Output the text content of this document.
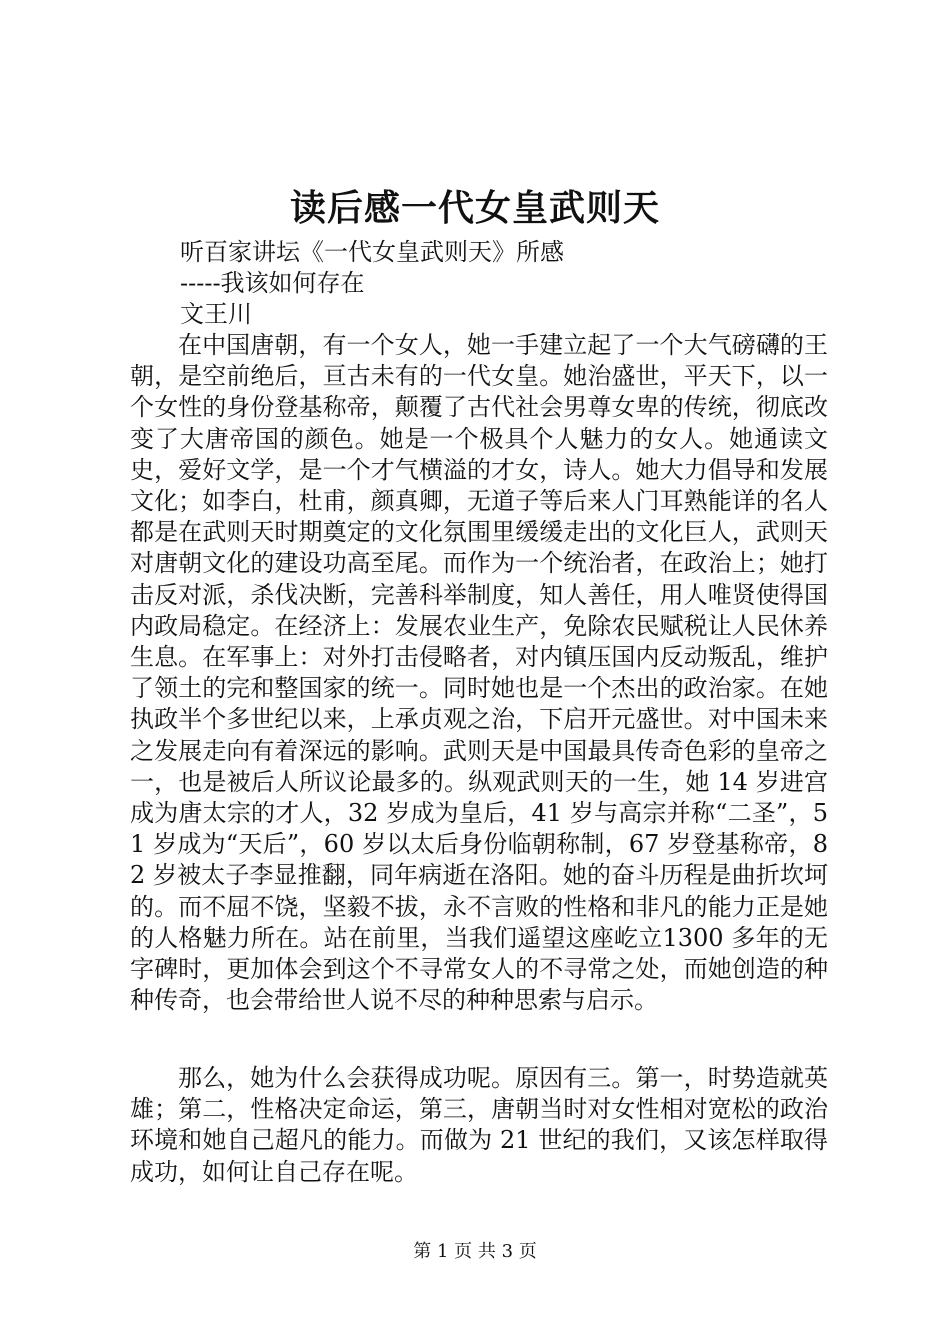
读后感一代女皇武则天
听百家讲坛《一代女皇武则天》所感
-----我该如何存在
文王川

在中国唐朝，有一个女人，她一手建立起了一个大气磅礴的王朝，是空前绝后，亘古未有的一代女皇。她治盛世，平天下，以一个女性的身份登基称帝，颠覆了古代社会男尊女卑的传统，彻底改变了大唐帝国的颜色。她是一个极具个人魅力的女人。她通读文史，爱好文学，是一个才气横溢的才女，诗人。她大力倡导和发展文化；如李白，杜甫，颜真卿，无道子等后来人门耳熟能详的名人都是在武则天时期奠定的文化氛围里缓缓走出的文化巨人，武则天对唐朝文化的建设功高至尾。而作为一个统治者，在政治上；她打击反对派，杀伐决断，完善科举制度，知人善任，用人唯贤使得国内政局稳定。在经济上：发展农业生产，免除农民赋税让人民休养生息。在军事上：对外打击侵略者，对内镇压国内反动叛乱，维护了领土的完和整国家的统一。同时她也是一个杰出的政治家。在她执政半个多世纪以来，上承贞观之治，下启开元盛世。对中国未来之发展走向有着深远的影响。武则天是中国最具传奇色彩的皇帝之一，也是被后人所议论最多的。纵观武则天的一生，她 14 岁进宫成为唐太宗的才人，32 岁成为皇后，41 岁与高宗并称“二圣”，51 岁成为“天后”，60 岁以太后身份临朝称制，67 岁登基称帝，82 岁被太子李显推翻，同年病逝在洛阳。她的奋斗历程是曲折坎坷的。而不屈不饶，坚毅不拔，永不言败的性格和非凡的能力正是她的人格魅力所在。站在前里，当我们遥望这座屹立1300 多年的无字碑时，更加体会到这个不寻常女人的不寻常之处，而她创造的种种传奇，也会带给世人说不尽的种种思索与启示。

那么，她为什么会获得成功呢。原因有三。第一，时势造就英雄；第二，性格决定命运，第三，唐朝当时对女性相对宽松的政治环境和她自己超凡的能力。而做为 21 世纪的我们，又该怎样取得成功，如何让自己存在呢。

第 1 页 共 3 页
